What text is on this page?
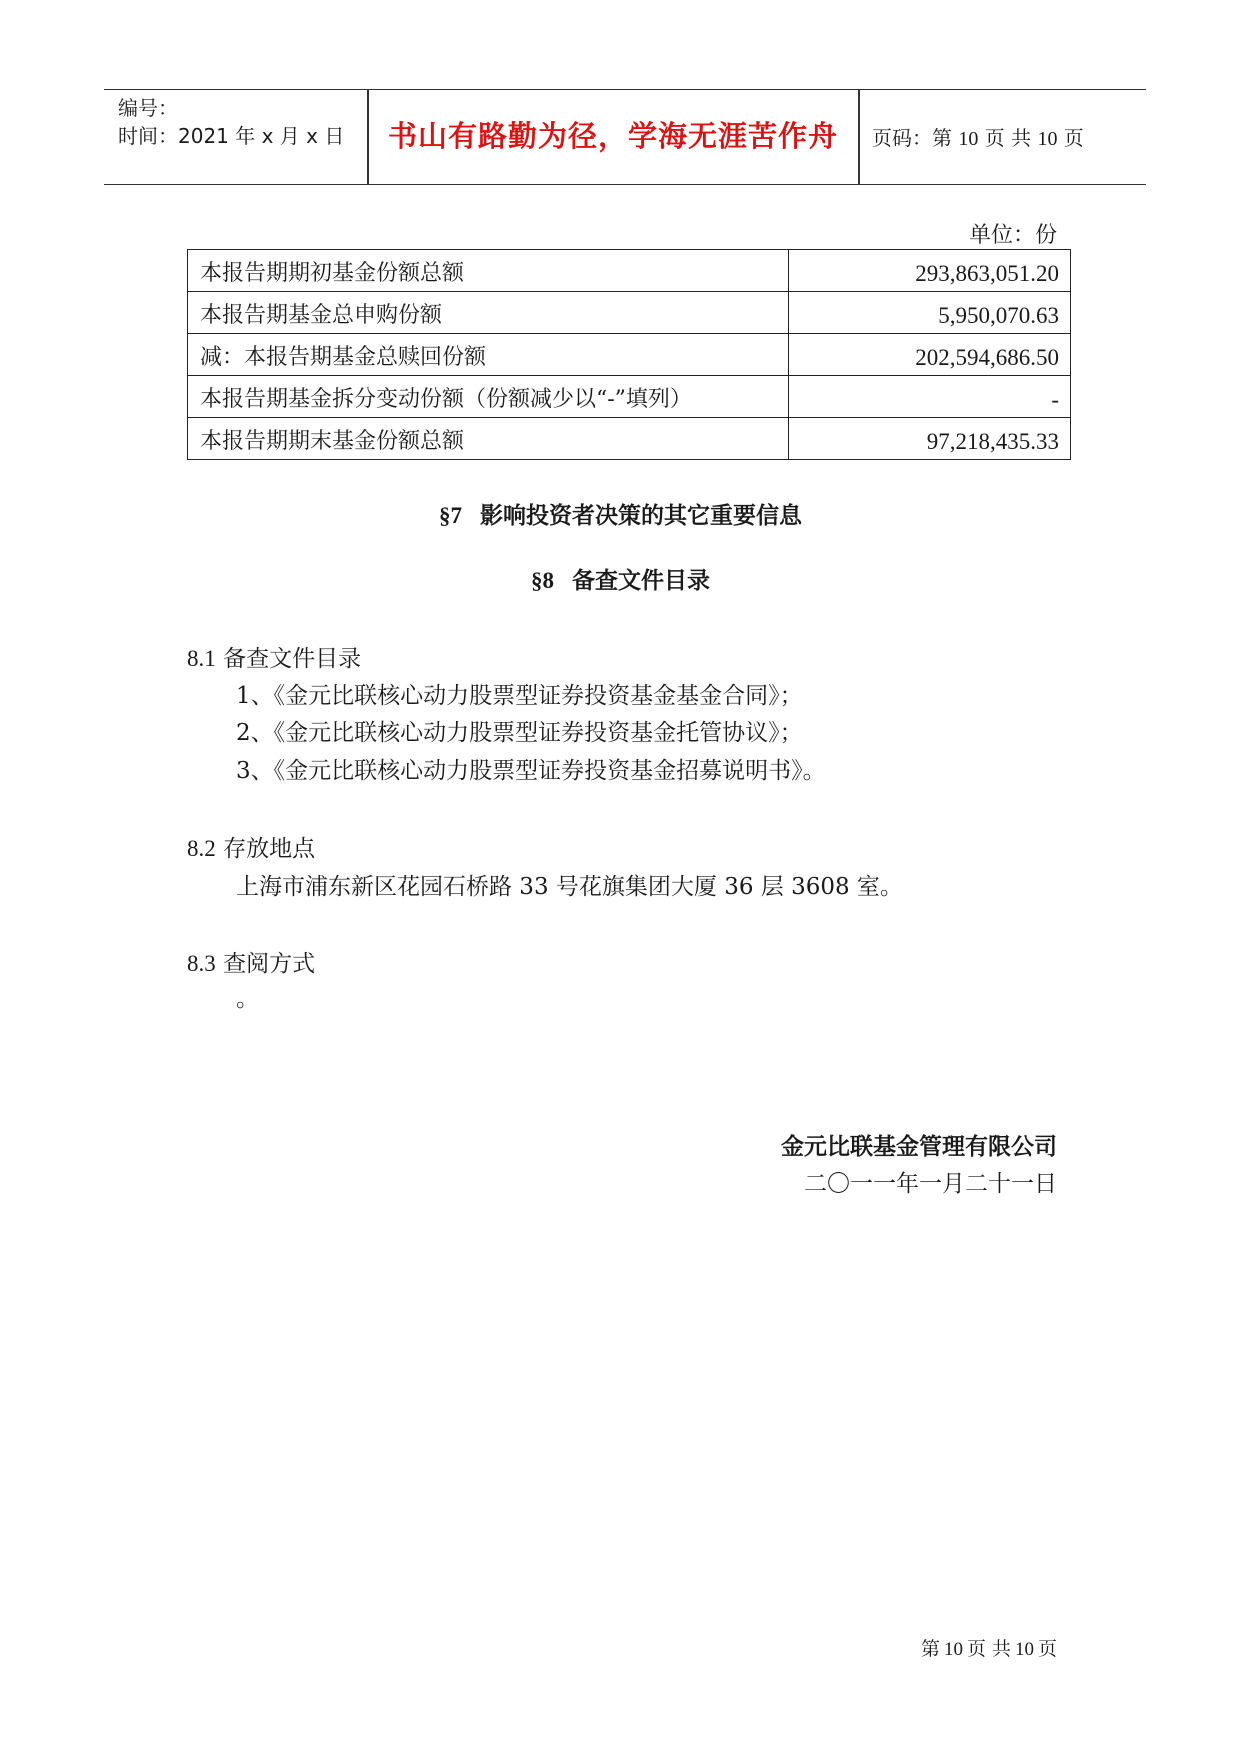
编号：
时间：2021 年 x 月 x 日	书山有路勤为径，学海无涯苦作舟	页码：第 10 页 共 10 页
单位：份
本报告期期初基金份额总额	293,863,051.20
本报告期基金总申购份额	5,950,070.63
减：本报告期基金总赎回份额	202,594,686.50
本报告期基金拆分变动份额（份额减少以“-”填列）	-
本报告期期末基金份额总额	97,218,435.33
§7 影响投资者决策的其它重要信息
§8 备查文件目录
8.1 备查文件目录
1、《金元比联核心动力股票型证券投资基金基金合同》；
2、《金元比联核心动力股票型证券投资基金托管协议》；
3、《金元比联核心动力股票型证券投资基金招募说明书》。
8.2 存放地点
上海市浦东新区花园石桥路 33 号花旗集团大厦 36 层 3608 室。
8.3 查阅方式
。
金元比联基金管理有限公司
二〇一一年一月二十一日
第 10 页 共 10 页
